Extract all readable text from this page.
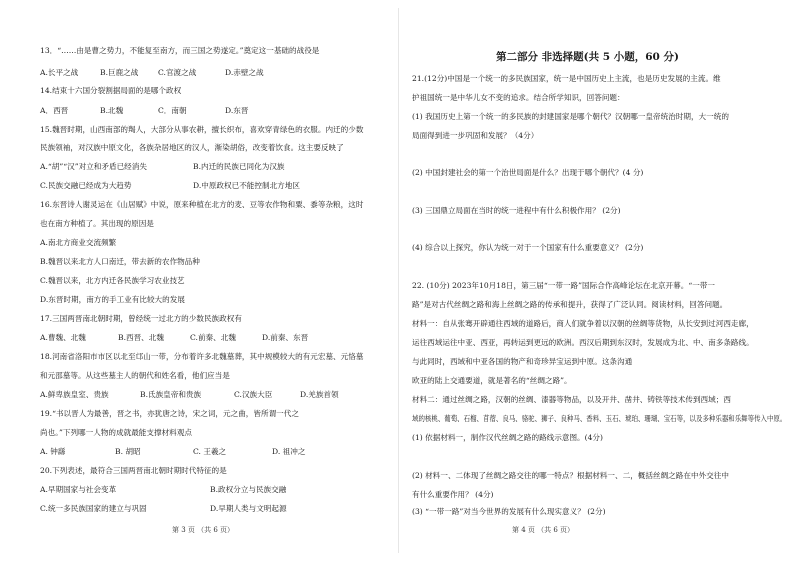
13．“……由是曹之势力，不能复至南方，而三国之势遂定。”奠定这一基础的战役是
A.长平之战	B.巨鹿之战	C.官渡之战	D.赤壁之战
14.结束十六国分裂割据局面的是哪个政权
A．西晋	B.北魏	C．南朝	D.东晋
15.魏晋时期，山西南部的羯人，大部分从事农耕，擅长织布，喜欢穿青绿色的衣服。内迁的少数
民族领袖，对汉族中原文化，各族杂居地区的汉人，渐染胡俗，改变着饮食。这主要反映了
A.“胡”“汉”对立和矛盾已经消失	B.内迁的民族已同化为汉族
C.民族交融已经成为大趋势	D.中原政权已不能控制北方地区
16.东晋诗人谢灵运在《山居赋》中说，原来种植在北方的麦、豆等农作物和粟、黍等杂粮，这时
也在南方种植了。其出现的原因是
A.南北方商业交流频繁
B.魏晋以来北方人口南迁，带去新的农作物品种
C.魏晋以来，北方内迁各民族学习农业技艺
D.东晋时期，南方的手工业有比较大的发展
17.三国两晋南北朝时期，曾经统一过北方的少数民族政权有
A.曹魏、北魏	B.西晋、北魏	C.前秦、北魏	D.前秦、东晋
18.河南省洛阳市市区以北至邙山一带，分布着许多北魏墓葬，其中规模较大的有元宏墓、元恪墓
和元邵墓等。从这些墓主人的朝代和姓名看，他们应当是
A.鲜卑族皇室、贵族	B.氐族皇帝和贵族	C.汉族大臣	D.羌族首领
19.“书以晋人为最善，晋之书，亦犹唐之诗，宋之词，元之曲，皆所谓一代之
尚也。”下列哪一人物的成就最能支撑材料观点
A. 钟繇	B. 胡昭	C. 王羲之	D. 祖冲之
20.下列表述，最符合三国两晋南北朝时期时代特征的是
A.早期国家与社会变革	B.政权分立与民族交融
C.统一多民族国家的建立与巩固	D.早期人类与文明起源
第 3 页 （共 6 页）
第二部分 非选择题(共 5 小题，60 分)
21.(12分)中国是一个统一的多民族国家，统一是中国历史上主流，也是历史发展的主流。维
护祖国统一是中华儿女不变的追求。结合所学知识，回答问题：
(1) 我国历史上第一个统一的多民族的封建国家是哪个朝代？汉朝哪一皇帝统治时期，大一统的
局面得到进一步巩固和发展？（4分）
(2) 中国封建社会的第一个治世局面是什么？出现于哪个朝代？(4 分)
(3) 三国鼎立局面在当时的统一进程中有什么积极作用？ (2分)
(4) 综合以上探究，你认为统一对于一个国家有什么重要意义？ (2分)
22. (10分) 2023年10月18日，第三届“一带一路”国际合作高峰论坛在北京开幕。“一带一
路”是对古代丝绸之路和海上丝绸之路的传承和提升，获得了广泛认同。阅读材料，回答问题。
材料一：自从张骞开辟通往西域的道路后，商人们就争着以汉朝的丝绸等货物，从长安到过河西走廊，
运往西域运往中亚、西亚，再转运到更远的欧洲。西汉后期到东汉时，发展成为北、中、南多条路线。
与此同时，西域和中亚各国的物产和奇珍异宝运到中原。这条沟通
欧亚的陆上交通要道，就是著名的“丝绸之路”。
材料二：通过丝绸之路，汉朝的丝绸、漆器等物品，以及开井、凿井、铸铁等技术传到西域；西
域的核桃、葡萄、石榴、苜蓿、良马、骆驼、狮子、良种马、香料、玉石、琥珀、珊瑚、宝石等，以及多种乐器和乐舞等传入中原。
(1) 依据材料一，制作汉代丝绸之路的路线示意图。(4分)
(2) 材料一、二体现了丝绸之路交往的哪一特点？根据材料一、二，概括丝绸之路在中外交往中
有什么重要作用？ (4分)
(3) “一带一路”对当今世界的发展有什么现实意义？ (2分)
第 4 页 （共 6 页）
